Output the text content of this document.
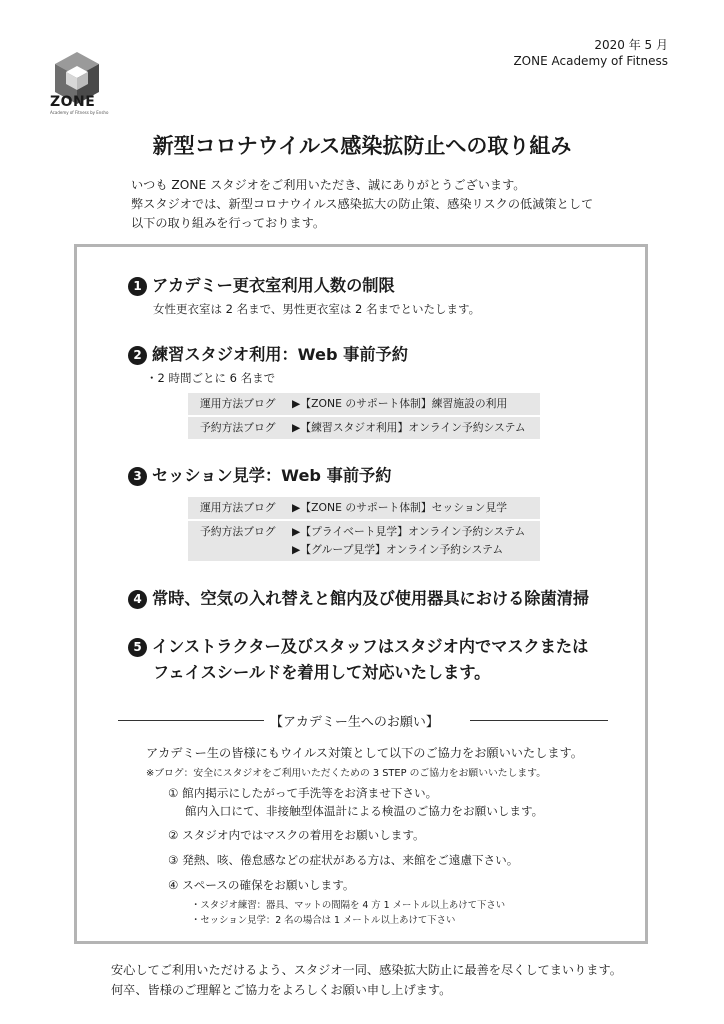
ZONE
Academy of Fitness by Ensho
2020 年 5 月
ZONE Academy of Fitness
新型コロナウイルス感染拡防止への取り組み
いつも ZONE スタジオをご利用いただき、誠にありがとうございます。
弊スタジオでは、新型コロナウイルス感染拡大の防止策、感染リスクの低減策として
以下の取り組みを行っております。
1 アカデミー更衣室利用人数の制限
女性更衣室は 2 名まで、男性更衣室は 2 名までといたします。
2 練習スタジオ利用：Web 事前予約
・2 時間ごとに 6 名まで
運用方法ブログ ▶【ZONE のサポート体制】練習施設の利用
予約方法ブログ ▶【練習スタジオ利用】オンライン予約システム
3 セッション見学：Web 事前予約
運用方法ブログ ▶【ZONE のサポート体制】セッション見学
予約方法ブログ ▶【プライベート見学】オンライン予約システム
▶【グループ見学】オンライン予約システム
4 常時、空気の入れ替えと館内及び使用器具における除菌清掃
5 インストラクター及びスタッフはスタジオ内でマスクまたは
フェイスシールドを着用して対応いたします。
【アカデミー生へのお願い】
アカデミー生の皆様にもウイルス対策として以下のご協力をお願いいたします。
※ブログ：安全にスタジオをご利用いただくための 3 STEP のご協力をお願いいたします。
① 館内掲示にしたがって手洗等をお済ませ下さい。
館内入口にて、非接触型体温計による検温のご協力をお願いします。
② スタジオ内ではマスクの着用をお願いします。
③ 発熱、咳、倦怠感などの症状がある方は、来館をご遠慮下さい。
④ スペースの確保をお願いします。
・スタジオ練習：器具、マットの間隔を 4 方 1 メートル以上あけて下さい
・セッション見学：2 名の場合は 1 メートル以上あけて下さい
安心してご利用いただけるよう、スタジオ一同、感染拡大防止に最善を尽くしてまいります。
何卒、皆様のご理解とご協力をよろしくお願い申し上げます。
